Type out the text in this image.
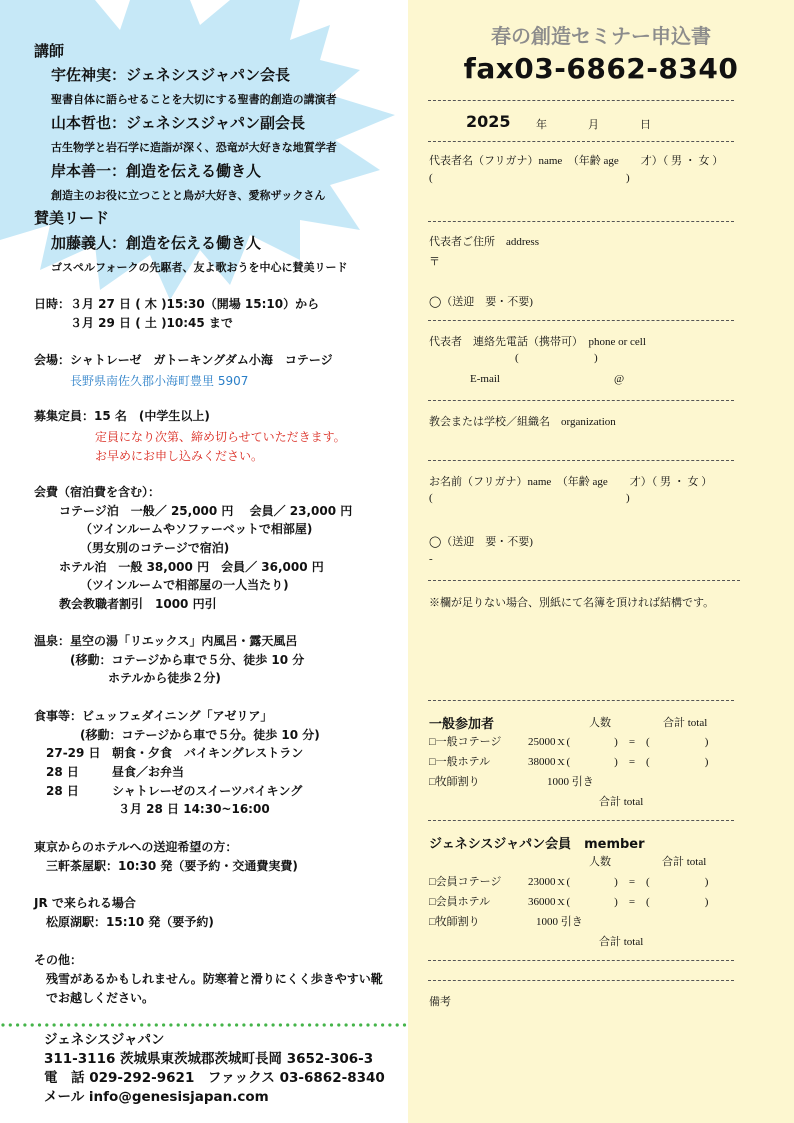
講師
宇佐神実：ジェネシスジャパン会長
聖書自体に語らせることを大切にする聖書的創造の講演者
山本哲也：ジェネシスジャパン副会長
古生物学と岩石学に造詣が深く、恐竜が大好きな地質学者
岸本善一：創造を伝える働き人
創造主のお役に立つことと鳥が大好き、愛称ザックさん
賛美リード
加藤義人：創造を伝える働き人
ゴスペルフォークの先駆者、友よ歌おうを中心に賛美リード
日時：３月 27 日 ( 木 )15:30（開場 15:10）から
３月 29 日 ( 土 )10:45 まで
会場：シャトレーゼ　ガトーキングダム小海　コテージ
長野県南佐久郡小海町豊里 5907
募集定員：15 名　(中学生以上)
定員になり次第、締め切らせていただきます。
お早めにお申し込みください。
会費（宿泊費を含む）：
コテージ泊　一般／ 25,000 円　 会員／ 23,000 円
（ツインルームやソファーベットで相部屋)
（男女別のコテージで宿泊)
ホテル泊　一般 38,000 円　会員／ 36,000 円
（ツインルームで相部屋の一人当たり)
教会教職者割引　1000 円引
温泉：星空の湯「リエックス」内風呂・露天風呂
(移動：コテージから車で５分、徒歩 10 分
ホテルから徒歩２分)
食事等：ビュッフェダイニング「アゼリア」
(移動：コテージから車で５分。徒歩 10 分)
27-29 日 朝食・夕食　バイキングレストラン
28 日	昼食／お弁当
28 日	シャトレーゼのスイーツバイキング
３月 28 日 14:30~16:00
東京からのホテルへの送迎希望の方：
三軒茶屋駅：10:30 発（要予約・交通費実費)
JR で来られる場合
松原湖駅：15:10 発（要予約)
その他：
残雪があるかもしれません。防寒着と滑りにくく歩きやすい靴
でお越しください。
ジェネシスジャパン
311-3116 茨城県東茨城郡茨城町長岡 3652-306-3
電　話 029-292-9621　ファックス 03-6862-8340
メール info@genesisjapan.com
春の創造セミナー申込書
fax03-6862-8340
2025 年	月	日
代表者名（フリガナ）name　（年齢 age　　才）（ 男 ・ 女 ）
(	)
代表者ご住所　address
〒
◯（送迎　要・不要)
代表者　連絡先電話（携帯可）　phone or cell
(	)
E-mail	@
教会または学校／組織名　organization
お名前（フリガナ）name　（年齢 age　　才）（ 男 ・ 女 ）
(	)
◯（送迎　要・不要)
-
※欄が足りない場合、別紙にて名簿を頂ければ結構です。
一般参加者	人数	合計 total
□一般コテージ 25000ｘ(　　　　)　=　(　　　　　)
□一般ホテル	38000ｘ(　　　　)　=　(　　　　　)
□牧師割り	1000 引き
合計 total
ジェネシスジャパン会員　member
人数	合計 total
□会員コテージ 23000ｘ(　　　　)　=　(　　　　　)
□会員ホテル	36000ｘ(　　　　)　=　(　　　　　)
□牧師割り	1000 引き
合計 total
備考
